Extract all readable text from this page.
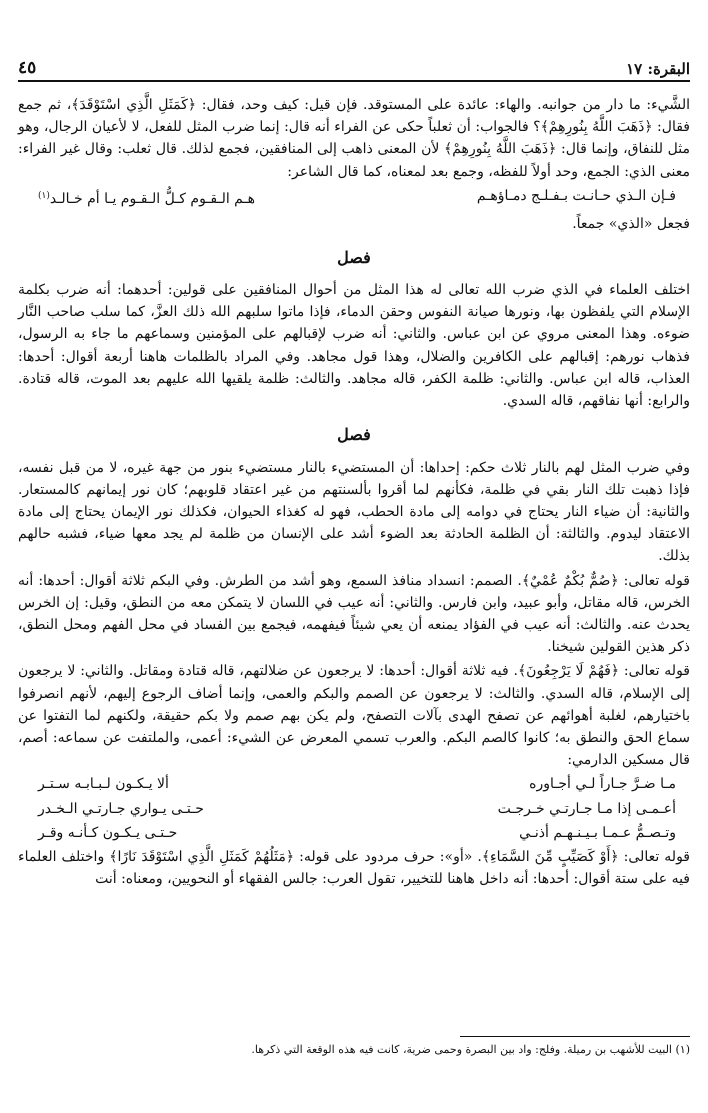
البقرة: ١٧
٤٥

الشَّيء: ما دار من جوانبه. والهاء: عائدة على المستوقد. فإن قيل: كيف وحد، فقال: ﴿كَمَثَلِ الَّذِي اسْتَوْقَدَ﴾، ثم جمع فقال: ﴿ذَهَبَ اللَّهُ بِنُورِهِمْ﴾؟ فالجواب: أن ثعلباً حكى عن الفراء أنه قال: إنما ضرب المثل للفعل، لا لأعيان الرجال، وهو مثل للنفاق، وإنما قال: ﴿ذَهَبَ اللَّهُ بِنُورِهِمْ﴾ لأن المعنى ذاهب إلى المنافقين، فجمع لذلك. قال ثعلب: وقال غير الفراء: معنى الذي: الجمع، وحد أولاً للفظه، وجمع بعد لمعناه، كما قال الشاعر:

فـإن الـذي حـانـت بـفـلـج دمـاؤهـم
هـم الـقـوم كـلُّ الـقـوم يـا أم خـالـد$^{(١)}$

فجعل «الذي» جمعاً.

فصل

اختلف العلماء في الذي ضرب الله تعالى له هذا المثل من أحوال المنافقين على قولين: أحدهما: أنه ضرب بكلمة الإسلام التي يلفظون بها، ونورها صيانة النفوس وحقن الدماء، فإذا ماتوا سلبهم الله ذلك العزَّ، كما سلب صاحب النَّار ضوءه. وهذا المعنى مروي عن ابن عباس. والثاني: أنه ضرب لإقبالهم على المؤمنين وسماعهم ما جاء به الرسول، فذهاب نورهم: إقبالهم على الكافرين والضلال، وهذا قول مجاهد. وفي المراد بالظلمات هاهنا أربعة أقوال: أحدها: العذاب، قاله ابن عباس. والثاني: ظلمة الكفر، قاله مجاهد. والثالث: ظلمة يلقيها الله عليهم بعد الموت، قاله قتادة. والرابع: أنها نفاقهم، قاله السدي.

فصل

وفي ضرب المثل لهم بالنار ثلاث حكم: إحداها: أن المستضيء بالنار مستضيء بنور من جهة غيره، لا من قبل نفسه، فإذا ذهبت تلك النار بقي في ظلمة، فكأنهم لما أقروا بألسنتهم من غير اعتقاد قلوبهم؛ كان نور إيمانهم كالمستعار. والثانية: أن ضياء النار يحتاج في دوامه إلى مادة الحطب، فهو له كغذاء الحيوان، فكذلك نور الإيمان يحتاج إلى مادة الاعتقاد ليدوم. والثالثة: أن الظلمة الحادثة بعد الضوء أشد على الإنسان من ظلمة لم يجد معها ضياء، فشبه حالهم بذلك.

قوله تعالى: ﴿صُمٌّ بُكْمٌ عُمْيٌ﴾. الصمم: انسداد منافذ السمع، وهو أشد من الطرش. وفي البكم ثلاثة أقوال: أحدها: أنه الخرس، قاله مقاتل، وأبو عبيد، وابن فارس. والثاني: أنه عيب في اللسان لا يتمكن معه من النطق، وقيل: إن الخرس يحدث عنه. والثالث: أنه عيب في الفؤاد يمنعه أن يعي شيئاً فيفهمه، فيجمع بين الفساد في محل الفهم ومحل النطق، ذكر هذين القولين شيخنا.

قوله تعالى: ﴿فَهُمْ لَا يَرْجِعُونَ﴾. فيه ثلاثة أقوال: أحدها: لا يرجعون عن ضلالتهم، قاله قتادة ومقاتل. والثاني: لا يرجعون إلى الإسلام، قاله السدي. والثالث: لا يرجعون عن الصمم والبكم والعمى، وإنما أضاف الرجوع إليهم، لأنهم انصرفوا باختيارهم، لغلبة أهوائهم عن تصفح الهدى بآلات التصفح، ولم يكن بهم صمم ولا بكم حقيقة، ولكنهم لما التفتوا عن سماع الحق والنطق به؛ كانوا كالصم البكم. والعرب تسمي المعرض عن الشيء: أعمى، والملتفت عن سماعه: أصم، قال مسكين الدارمي:

مـا ضـرَّ جـاراً لـي أجـاوره
ألا يـكـون لـبـابـه سـتـر
أعـمـى إذا مـا جـارتـي خـرجـت
حـتـى يـواري جـارتـي الـخـدر
وتـصـمُّ عـمـا بـيـنـهـم أذنـي
حـتـى يـكـون كـأنـه وقـر

قوله تعالى: ﴿أَوْ كَصَيِّبٍ مِّنَ السَّمَاءِ﴾. «أو»: حرف مردود على قوله: ﴿مَثَلُهُمْ كَمَثَلِ الَّذِي اسْتَوْقَدَ نَارًا﴾ واختلف العلماء فيه على ستة أقوال: أحدها: أنه داخل هاهنا للتخيير، تقول العرب: جالس الفقهاء أو النحويين، ومعناه: أنت

(١) البيت للأشهب بن رميلة. وفلج: واد بين البصرة وحمى ضرية، كانت فيه هذه الوقعة التي ذكرها.
